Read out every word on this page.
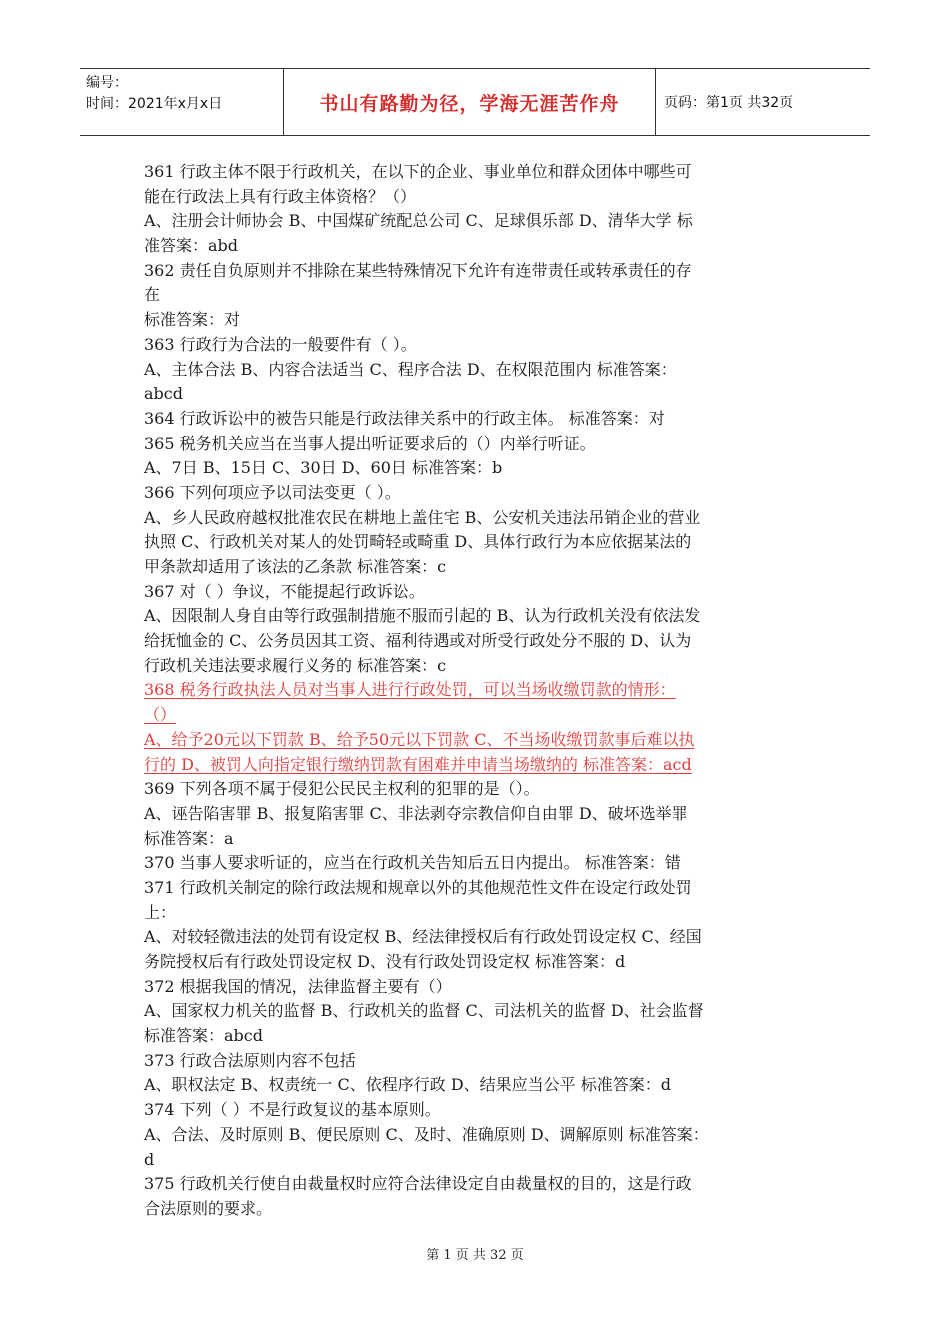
编号：
时间：2021年x月x日	书山有路勤为径，学海无涯苦作舟	页码：第1页 共32页
361 行政主体不限于行政机关，在以下的企业、事业单位和群众团体中哪些可
能在行政法上具有行政主体资格？（）
A、注册会计师协会 B、中国煤矿统配总公司 C、足球俱乐部 D、清华大学 标
准答案：abd
362 责任自负原则并不排除在某些特殊情况下允许有连带责任或转承责任的存
在
标准答案：对
363 行政行为合法的一般要件有（ ）。
A、主体合法 B、内容合法适当 C、程序合法 D、在权限范围内 标准答案：
abcd
364 行政诉讼中的被告只能是行政法律关系中的行政主体。 标准答案：对
365 税务机关应当在当事人提出听证要求后的（）内举行听证。
A、7日 B、15日 C、30日 D、60日 标准答案：b
366 下列何项应予以司法变更（ ）。
A、乡人民政府越权批准农民在耕地上盖住宅 B、公安机关违法吊销企业的营业
执照 C、行政机关对某人的处罚畸轻或畸重 D、具体行政行为本应依据某法的
甲条款却适用了该法的乙条款 标准答案：c
367 对（ ）争议，不能提起行政诉讼。
A、因限制人身自由等行政强制措施不服而引起的 B、认为行政机关没有依法发
给抚恤金的 C、公务员因其工资、福利待遇或对所受行政处分不服的 D、认为
行政机关违法要求履行义务的 标准答案：c
368 税务行政执法人员对当事人进行行政处罚，可以当场收缴罚款的情形：
（）
A、给予20元以下罚款 B、给予50元以下罚款 C、不当场收缴罚款事后难以执
行的 D、被罚人向指定银行缴纳罚款有困难并申请当场缴纳的 标准答案：acd
369 下列各项不属于侵犯公民民主权利的犯罪的是（）。
A、诬告陷害罪 B、报复陷害罪 C、非法剥夺宗教信仰自由罪 D、破坏选举罪
标准答案：a
370 当事人要求听证的，应当在行政机关告知后五日内提出。 标准答案：错
371 行政机关制定的除行政法规和规章以外的其他规范性文件在设定行政处罚
上：
A、对较轻微违法的处罚有设定权 B、经法律授权后有行政处罚设定权 C、经国
务院授权后有行政处罚设定权 D、没有行政处罚设定权 标准答案：d
372 根据我国的情况，法律监督主要有（）
A、国家权力机关的监督 B、行政机关的监督 C、司法机关的监督 D、社会监督
标准答案：abcd
373 行政合法原则内容不包括
A、职权法定 B、权责统一 C、依程序行政 D、结果应当公平 标准答案：d
374 下列（ ）不是行政复议的基本原则。
A、合法、及时原则 B、便民原则 C、及时、准确原则 D、调解原则 标准答案：
d
375 行政机关行使自由裁量权时应符合法律设定自由裁量权的目的，这是行政
合法原则的要求。
第 1 页 共 32 页
